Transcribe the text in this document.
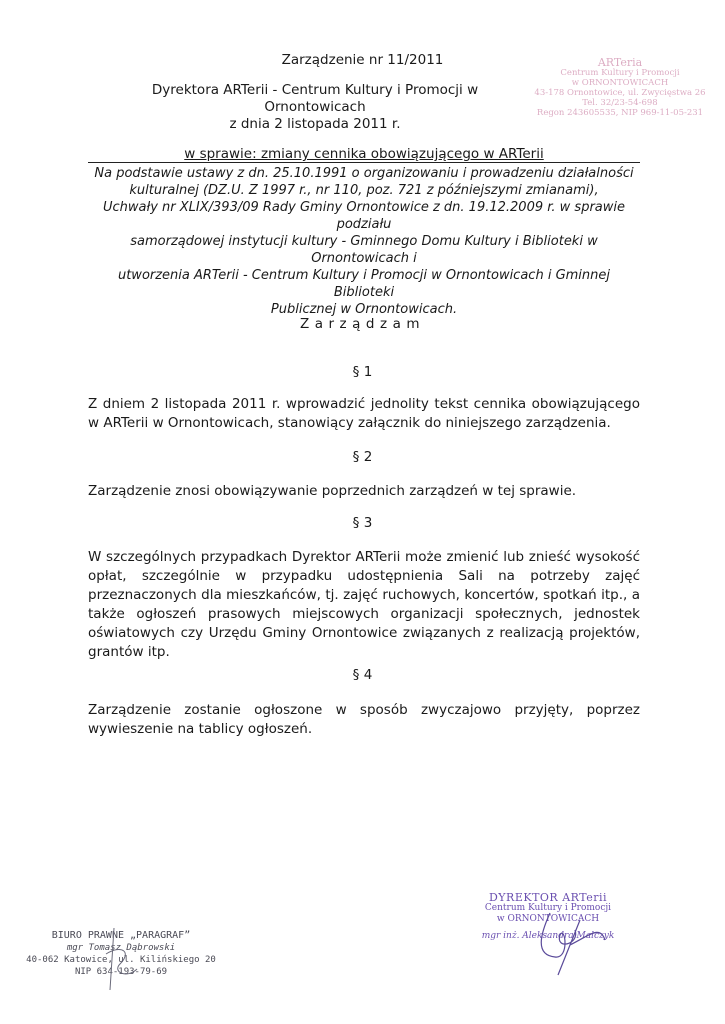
Zarządzenie nr 11/2011
Dyrektora ARTerii - Centrum Kultury i Promocji w Ornontowicach
z dnia 2 listopada 2011 r.
ARTeria
Centrum Kultury i Promocji
w ORNONTOWICACH
43-178 Ornontowice, ul. Zwycięstwa 26
Tel. 32/23-54-698
Regon 243605535, NIP 969-11-05-231
w sprawie: zmiany cennika obowiązującego w ARTerii
Na podstawie ustawy z dn. 25.10.1991 o organizowaniu i prowadzeniu działalności
kulturalnej (DZ.U. Z 1997 r., nr 110, poz. 721 z późniejszymi zmianami),
Uchwały nr XLIX/393/09 Rady Gminy Ornontowice z dn. 19.12.2009 r. w sprawie podziału
samorządowej instytucji kultury - Gminnego Domu Kultury i Biblioteki w Ornontowicach i
utworzenia ARTerii - Centrum Kultury i Promocji w Ornontowicach i Gminnej Biblioteki
Publicznej w Ornontowicach.
Zarządzam
§ 1
Z dniem 2 listopada 2011 r. wprowadzić jednolity tekst cennika obowiązującego w ARTerii w Ornontowicach, stanowiący załącznik do niniejszego zarządzenia.
§ 2
Zarządzenie znosi obowiązywanie poprzednich zarządzeń w tej sprawie.
§ 3
W szczególnych przypadkach Dyrektor ARTerii może zmienić lub znieść wysokość opłat, szczególnie w przypadku udostępnienia Sali na potrzeby zajęć przeznaczonych dla mieszkańców, tj. zajęć ruchowych, koncertów, spotkań itp., a także ogłoszeń prasowych miejscowych organizacji społecznych, jednostek oświatowych czy Urzędu Gminy Ornontowice związanych z realizacją projektów, grantów itp.
§ 4
Zarządzenie zostanie ogłoszone w sposób zwyczajowo przyjęty, poprzez wywieszenie na tablicy ogłoszeń.
DYREKTOR ARTerii
Centrum Kultury i Promocji
w ORNONTOWICACH
mgr inż. Aleksandra Malczyk
BIURO PRAWNE „PARAGRAF”
mgr Tomasz Dąbrowski
40-062 Katowice, ul. Kilińskiego 20
NIP 634-193-79-69
